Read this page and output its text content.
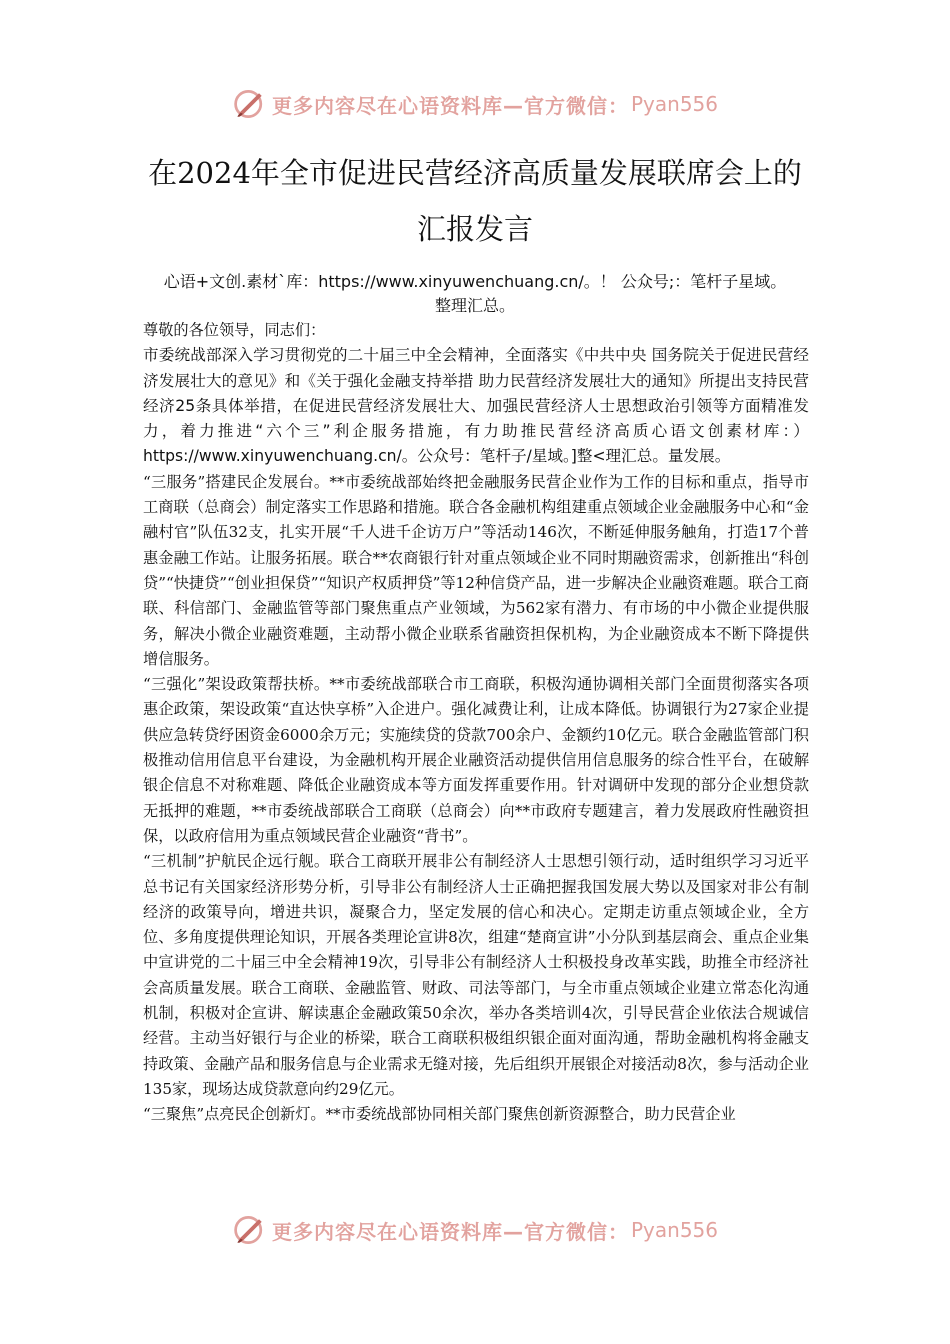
更多内容尽在心语资料库—官方微信： Pyan556
在2024年全市促进民营经济高质量发展联席会上的
汇报发言
心语+文创.素材`库：https://www.xinyuwenchuang.cn/。！ 公众号;：笔杆子星域。
整理汇总。

尊敬的各位领导，同志们：

市委统战部深入学习贯彻党的二十届三中全会精神，全面落实《中共中央 国务院关于促进民营经济发展壮大的意见》和《关于强化金融支持举措 助力民营经济发展壮大的通知》所提出支持民营经济25条具体举措，在促进民营经济发展壮大、加强民营经济人士思想政治引领等方面精准发力，着力推进“六个三”利企服务措施，有力助推民营经济高质心语文创素材库：）https://www.xinyuwenchuang.cn/。公众号：笔杆子/星域。]整<理汇总。量发展。

“三服务”搭建民企发展台。**市委统战部始终把金融服务民营企业作为工作的目标和重点，指导市工商联（总商会）制定落实工作思路和措施。联合各金融机构组建重点领域企业金融服务中心和“金融村官”队伍32支，扎实开展“千人进千企访万户”等活动146次，不断延伸服务触角，打造17个普惠金融工作站。让服务拓展。联合**农商银行针对重点领域企业不同时期融资需求，创新推出“科创贷”“快捷贷”“创业担保贷”“知识产权质押贷”等12种信贷产品，进一步解决企业融资难题。联合工商联、科信部门、金融监管等部门聚焦重点产业领域，为562家有潜力、有市场的中小微企业提供服务，解决小微企业融资难题，主动帮小微企业联系省融资担保机构，为企业融资成本不断下降提供增信服务。

“三强化”架设政策帮扶桥。**市委统战部联合市工商联，积极沟通协调相关部门全面贯彻落实各项惠企政策，架设政策“直达快享桥”入企进户。强化减费让利，让成本降低。协调银行为27家企业提供应急转贷纾困资金6000余万元；实施续贷的贷款700余户、金额约10亿元。联合金融监管部门积极推动信用信息平台建设，为金融机构开展企业融资活动提供信用信息服务的综合性平台，在破解银企信息不对称难题、降低企业融资成本等方面发挥重要作用。针对调研中发现的部分企业想贷款无抵押的难题，**市委统战部联合工商联（总商会）向**市政府专题建言，着力发展政府性融资担保，以政府信用为重点领域民营企业融资“背书”。

“三机制”护航民企远行舰。联合工商联开展非公有制经济人士思想引领行动，适时组织学习习近平总书记有关国家经济形势分析，引导非公有制经济人士正确把握我国发展大势以及国家对非公有制经济的政策导向，增进共识，凝聚合力，坚定发展的信心和决心。定期走访重点领域企业，全方位、多角度提供理论知识，开展各类理论宣讲8次，组建“楚商宣讲”小分队到基层商会、重点企业集中宣讲党的二十届三中全会精神19次，引导非公有制经济人士积极投身改革实践，助推全市经济社会高质量发展。联合工商联、金融监管、财政、司法等部门，与全市重点领域企业建立常态化沟通机制，积极对企宣讲、解读惠企金融政策50余次，举办各类培训4次，引导民营企业依法合规诚信经营。主动当好银行与企业的桥梁，联合工商联积极组织银企面对面沟通，帮助金融机构将金融支持政策、金融产品和服务信息与企业需求无缝对接，先后组织开展银企对接活动8次，参与活动企业135家，现场达成贷款意向约29亿元。

“三聚焦”点亮民企创新灯。**市委统战部协同相关部门聚焦创新资源整合，助力民营企业

更多内容尽在心语资料库—官方微信： Pyan556
